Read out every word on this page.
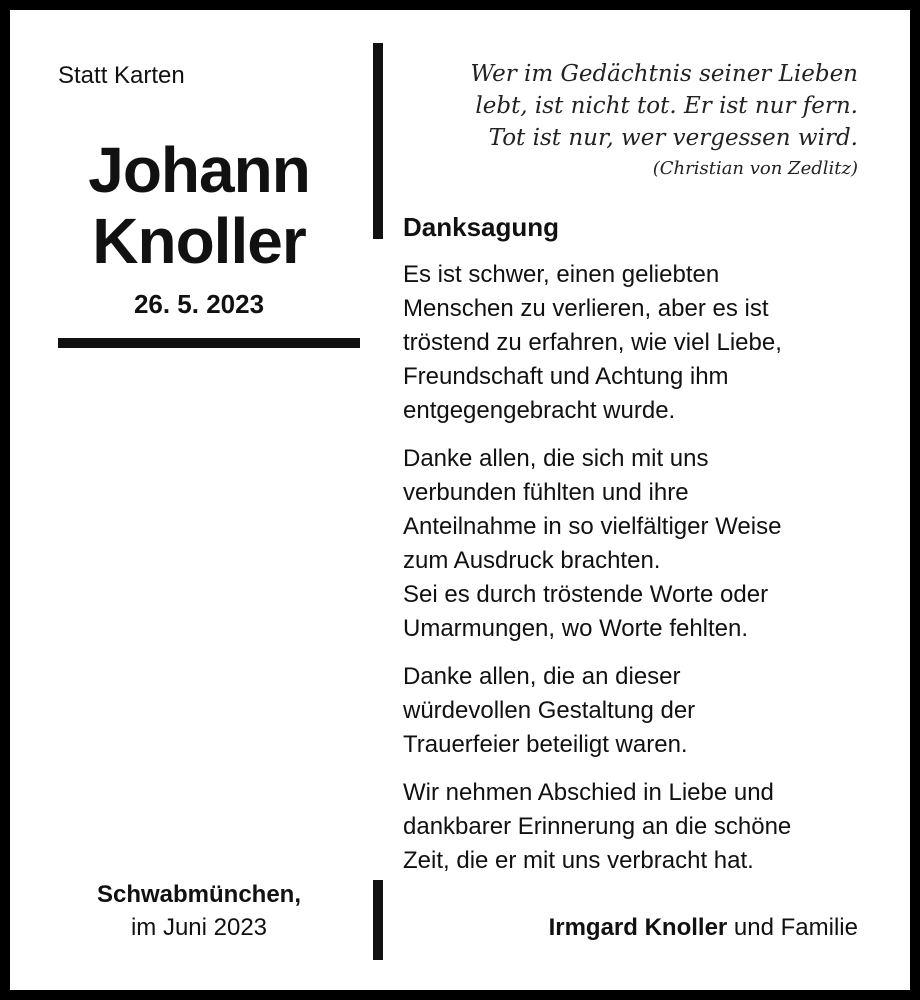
Statt Karten
Johann
Knoller
26. 5. 2023
Wer im Gedächtnis seiner Lieben
lebt, ist nicht tot. Er ist nur fern.
Tot ist nur, wer vergessen wird.
(Christian von Zedlitz)
Danksagung
Es ist schwer, einen geliebten
Menschen zu verlieren, aber es ist
tröstend zu erfahren, wie viel Liebe,
Freundschaft und Achtung ihm
entgegengebracht wurde.
Danke allen, die sich mit uns
verbunden fühlten und ihre
Anteilnahme in so vielfältiger Weise
zum Ausdruck brachten.
Sei es durch tröstende Worte oder
Umarmungen, wo Worte fehlten.
Danke allen, die an dieser
würdevollen Gestaltung der
Trauerfeier beteiligt waren.
Wir nehmen Abschied in Liebe und
dankbarer Erinnerung an die schöne
Zeit, die er mit uns verbracht hat.
Schwabmünchen,
im Juni 2023	Irmgard Knoller und Familie
